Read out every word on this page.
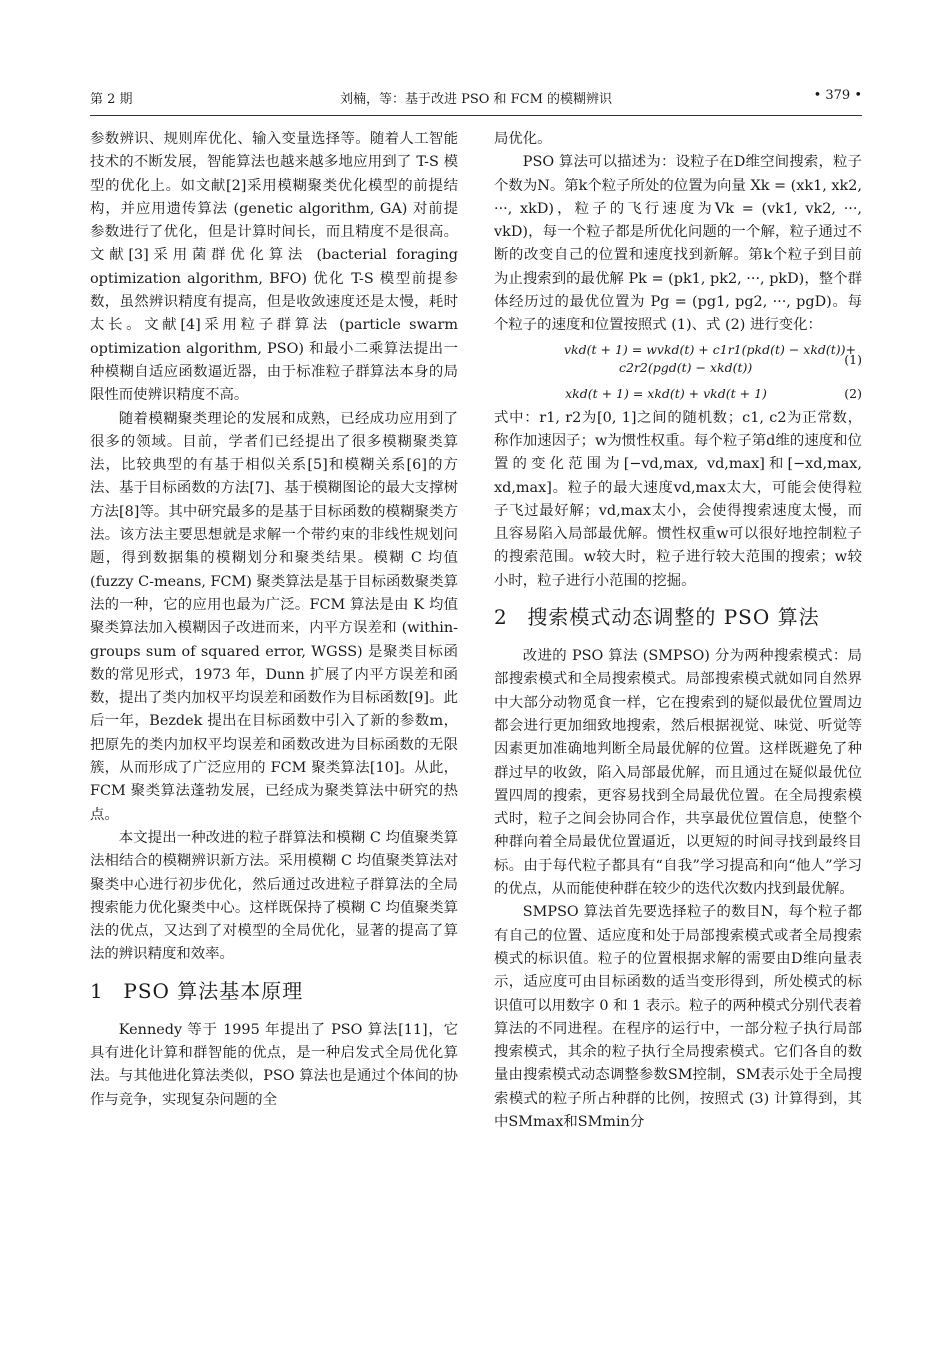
第 2 期	刘楠，等：基于改进 PSO 和 FCM 的模糊辨识	• 379 •

参数辨识、规则库优化、输入变量选择等。随着人工智能技术的不断发展，智能算法也越来越多地应用到了 T-S 模型的优化上。如文献[2]采用模糊聚类优化模型的前提结构，并应用遗传算法 (genetic algorithm, GA) 对前提参数进行了优化，但是计算时间长，而且精度不是很高。文献[3]采用菌群优化算法 (bacterial foraging optimization algorithm, BFO) 优化 T-S 模型前提参数，虽然辨识精度有提高，但是收敛速度还是太慢，耗时太长。文献[4]采用粒子群算法 (particle swarm optimization algorithm, PSO) 和最小二乘算法提出一种模糊自适应函数逼近器，由于标准粒子群算法本身的局限性而使辨识精度不高。

随着模糊聚类理论的发展和成熟，已经成功应用到了很多的领域。目前，学者们已经提出了很多模糊聚类算法，比较典型的有基于相似关系[5]和模糊关系[6]的方法、基于目标函数的方法[7]、基于模糊图论的最大支撑树方法[8]等。其中研究最多的是基于目标函数的模糊聚类方法。该方法主要思想就是求解一个带约束的非线性规划问题，得到数据集的模糊划分和聚类结果。模糊 C 均值 (fuzzy C-means, FCM) 聚类算法是基于目标函数聚类算法的一种，它的应用也最为广泛。FCM 算法是由 K 均值聚类算法加入模糊因子改进而来，内平方误差和 (within-groups sum of squared error, WGSS) 是聚类目标函数的常见形式，1973 年，Dunn 扩展了内平方误差和函数，提出了类内加权平均误差和函数作为目标函数[9]。此后一年，Bezdek 提出在目标函数中引入了新的参数m，把原先的类内加权平均误差和函数改进为目标函数的无限簇，从而形成了广泛应用的 FCM 聚类算法[10]。从此，FCM 聚类算法蓬勃发展，已经成为聚类算法中研究的热点。

本文提出一种改进的粒子群算法和模糊 C 均值聚类算法相结合的模糊辨识新方法。采用模糊 C 均值聚类算法对聚类中心进行初步优化，然后通过改进粒子群算法的全局搜索能力优化聚类中心。这样既保持了模糊 C 均值聚类算法的优点，又达到了对模型的全局优化，显著的提高了算法的辨识精度和效率。

1 PSO 算法基本原理

Kennedy 等于 1995 年提出了 PSO 算法[11]，它具有进化计算和群智能的优点，是一种启发式全局优化算法。与其他进化算法类似，PSO 算法也是通过个体间的协作与竞争，实现复杂问题的全

局优化。

PSO 算法可以描述为：设粒子在D维空间搜索，粒子个数为N。第k个粒子所处的位置为向量 Xk = (xk1, xk2, ···, xkD)，粒子的飞行速度为Vk = (vk1, vk2, ···, vkD)，每一个粒子都是所优化问题的一个解，粒子通过不断的改变自己的位置和速度找到新解。第k个粒子到目前为止搜索到的最优解 Pk = (pk1, pk2, ···, pkD)，整个群体经历过的最优位置为 Pg = (pg1, pg2, ···, pgD)。每个粒子的速度和位置按照式 (1)、式 (2) 进行变化：

vkd(t + 1) = wvkd(t) + c1r1(pkd(t) − xkd(t))+
c2r2(pgd(t) − xkd(t))
(1)
xkd(t + 1) = xkd(t) + vkd(t + 1)	(2)

式中：r1, r2为[0, 1]之间的随机数；c1, c2为正常数，称作加速因子；w为惯性权重。每个粒子第d维的速度和位置的变化范围为[−vd,max, vd,max]和[−xd,max, xd,max]。粒子的最大速度vd,max太大，可能会使得粒子飞过最好解；vd,max太小，会使得搜索速度太慢，而且容易陷入局部最优解。惯性权重w可以很好地控制粒子的搜索范围。w较大时，粒子进行较大范围的搜索；w较小时，粒子进行小范围的挖掘。

2 搜索模式动态调整的 PSO 算法

改进的 PSO 算法 (SMPSO) 分为两种搜索模式：局部搜索模式和全局搜索模式。局部搜索模式就如同自然界中大部分动物觅食一样，它在搜索到的疑似最优位置周边都会进行更加细致地搜索，然后根据视觉、味觉、听觉等因素更加准确地判断全局最优解的位置。这样既避免了种群过早的收敛，陷入局部最优解，而且通过在疑似最优位置四周的搜索，更容易找到全局最优位置。在全局搜索模式时，粒子之间会协同合作，共享最优位置信息，使整个种群向着全局最优位置逼近，以更短的时间寻找到最终目标。由于每代粒子都具有“自我”学习提高和向“他人”学习的优点，从而能使种群在较少的迭代次数内找到最优解。

SMPSO 算法首先要选择粒子的数目N，每个粒子都有自己的位置、适应度和处于局部搜索模式或者全局搜索模式的标识值。粒子的位置根据求解的需要由D维向量表示，适应度可由目标函数的适当变形得到，所处模式的标识值可以用数字 0 和 1 表示。粒子的两种模式分别代表着算法的不同进程。在程序的运行中，一部分粒子执行局部搜索模式，其余的粒子执行全局搜索模式。它们各自的数量由搜索模式动态调整参数SM控制，SM表示处于全局搜索模式的粒子所占种群的比例，按照式 (3) 计算得到，其中SMmax和SMmin分
